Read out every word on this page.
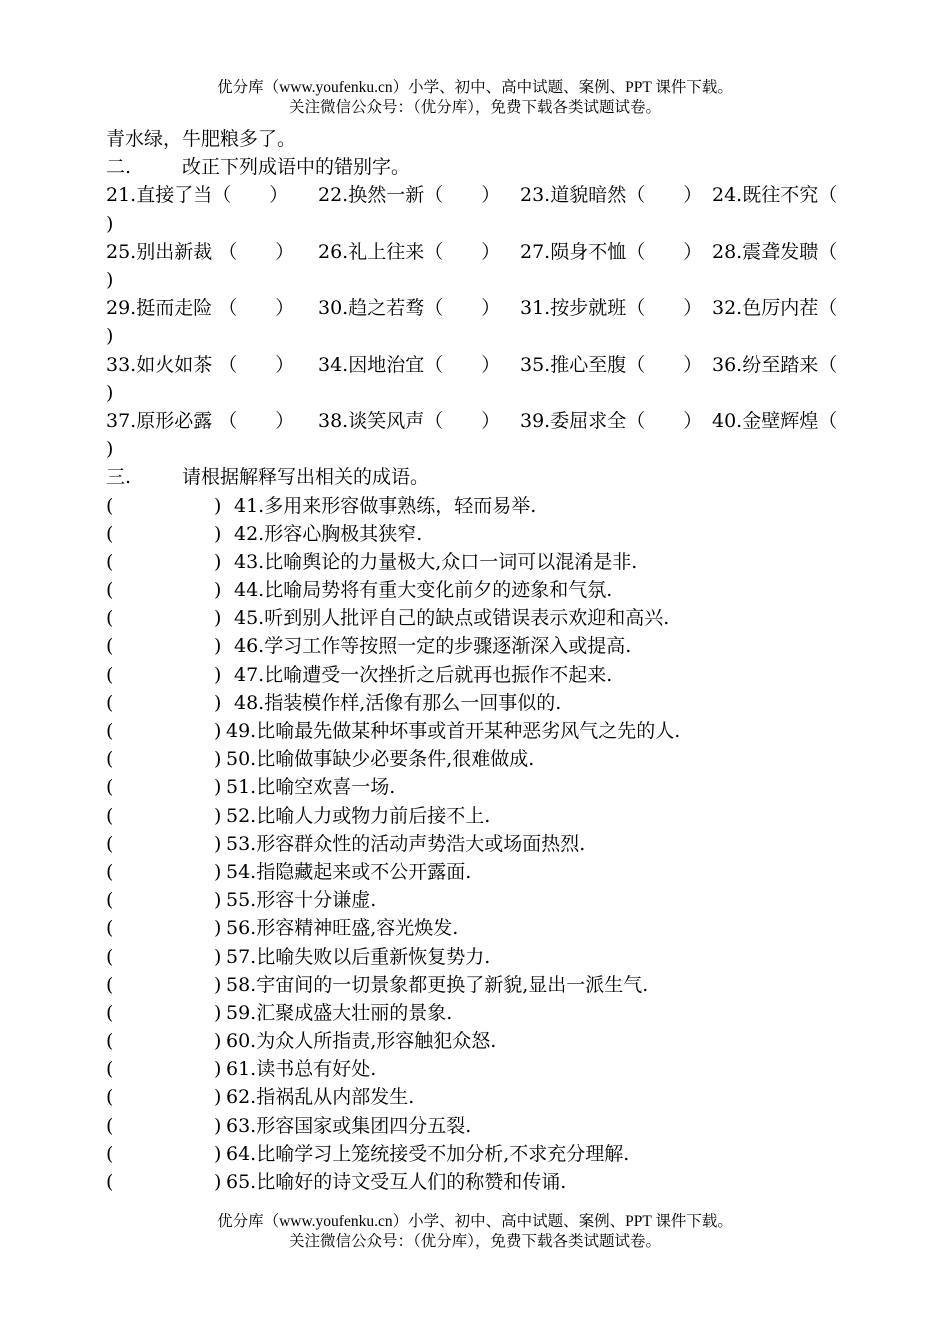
优分库（www.youfenku.cn）小学、初中、高中试题、案例、PPT 课件下载。
关注微信公众号：（优分库），免费下载各类试题试卷。
青水绿，牛肥粮多了。
二.	改正下列成语中的错别字。
21.直接了当（　　） 22.换然一新（　　） 23.道貌暗然（　　） 24.既往不究（
)
25.别出新裁 （　　） 26.礼上往来（　　） 27.陨身不恤（　　） 28.震聋发聩（
)
29.挺而走险 （　　） 30.趋之若骛（　　） 31.按步就班（　　） 32.色厉内茬（
)
33.如火如茶 （　　） 34.因地治宜（　　） 35.推心至腹（　　） 36.纷至踏来（
)
37.原形必露 （　　） 38.谈笑风声（　　） 39.委屈求全（　　） 40.金壁辉煌（
)
三.	请根据解释写出相关的成语。
(	) 41.多用来形容做事熟练，轻而易举.
(	) 42.形容心胸极其狭窄.
(	) 43.比喻舆论的力量极大,众口一词可以混淆是非.
(	) 44.比喻局势将有重大变化前夕的迹象和气氛.
(	) 45.听到别人批评自己的缺点或错误表示欢迎和高兴.
(	) 46.学习工作等按照一定的步骤逐渐深入或提高.
(	) 47.比喻遭受一次挫折之后就再也振作不起来.
(	) 48.指装模作样,活像有那么一回事似的.
(	) 49.比喻最先做某种坏事或首开某种恶劣风气之先的人.
(	) 50.比喻做事缺少必要条件,很难做成.
(	) 51.比喻空欢喜一场.
(	) 52.比喻人力或物力前后接不上.
(	) 53.形容群众性的活动声势浩大或场面热烈.
(	) 54.指隐藏起来或不公开露面.
(	) 55.形容十分谦虚.
(	) 56.形容精神旺盛,容光焕发.
(	) 57.比喻失败以后重新恢复势力.
(	) 58.宇宙间的一切景象都更换了新貌,显出一派生气.
(	) 59.汇聚成盛大壮丽的景象.
(	) 60.为众人所指责,形容触犯众怒.
(	) 61.读书总有好处.
(	) 62.指祸乱从内部发生.
(	) 63.形容国家或集团四分五裂.
(	) 64.比喻学习上笼统接受不加分析,不求充分理解.
(	) 65.比喻好的诗文受互人们的称赞和传诵.
优分库（www.youfenku.cn）小学、初中、高中试题、案例、PPT 课件下载。
关注微信公众号：（优分库），免费下载各类试题试卷。
